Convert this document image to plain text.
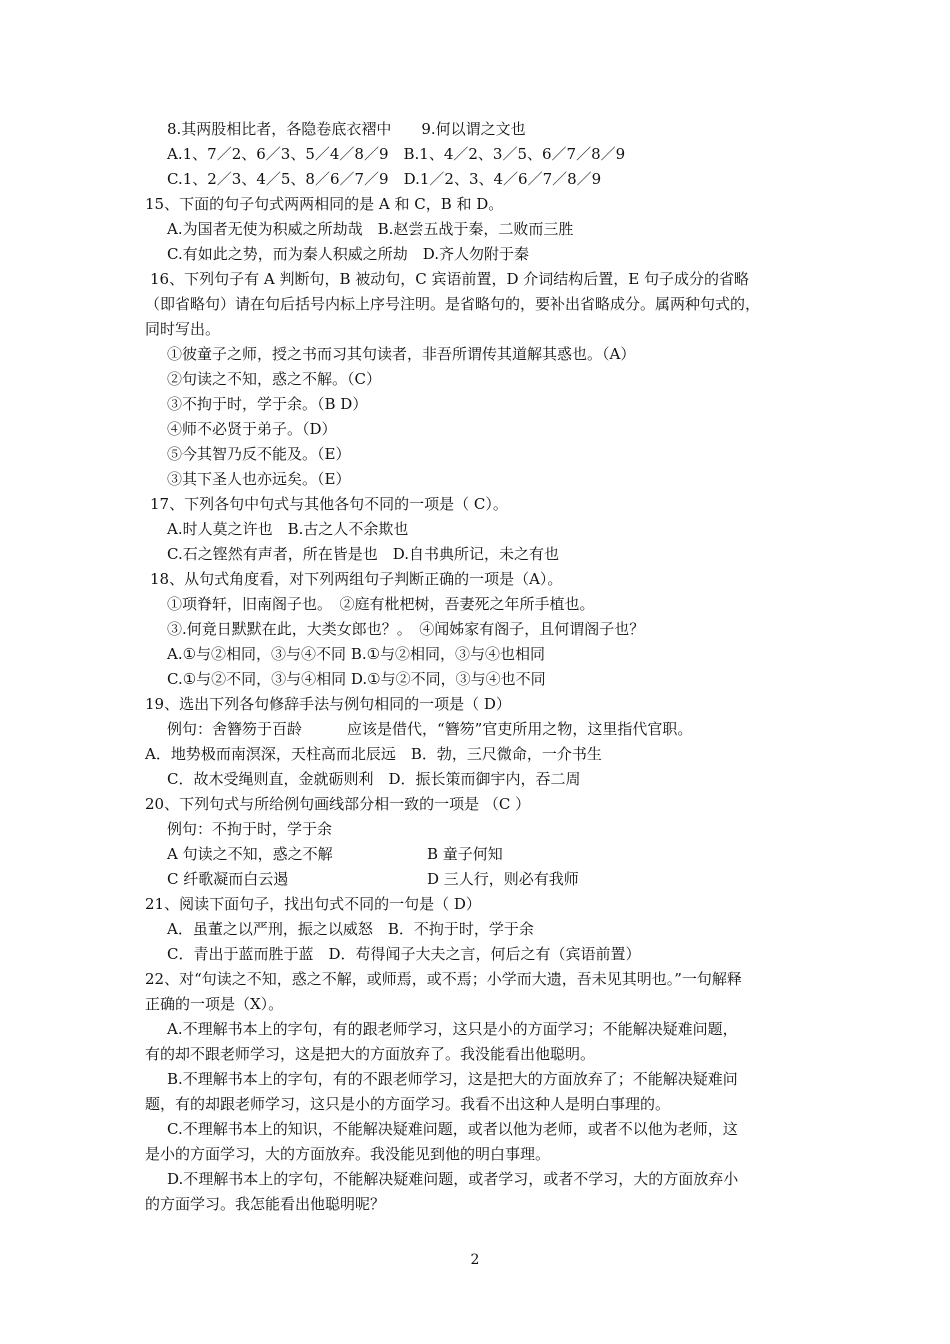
8.其两股相比者，各隐卷底衣褶中　　9.何以谓之文也
A.1、7／2、6／3、5／4／8／9　B.1、4／2、3／5、6／7／8／9
C.1、2／3、4／5、8／6／7／9　D.1／2、3、4／6／7／8／9
15、下面的句子句式两两相同的是 A 和 C，B 和 D。
A.为国者无使为积威之所劫哉　B.赵尝五战于秦，二败而三胜
C.有如此之势，而为秦人积威之所劫　D.齐人勿附于秦
16、下列句子有 A 判断句，B 被动句，C 宾语前置，D 介词结构后置，E 句子成分的省略
（即省略句）请在句后括号内标上序号注明。是省略句的，要补出省略成分。属两种句式的，
同时写出。
①彼童子之师，授之书而习其句读者，非吾所谓传其道解其惑也。（A）
②句读之不知，惑之不解。（C）
③不拘于时，学于余。（B D）
④师不必贤于弟子。（D）
⑤今其智乃反不能及。（E）
③其下圣人也亦远矣。（E）
17、下列各句中句式与其他各句不同的一项是（ C）。
A.时人莫之许也　B.古之人不余欺也
C.石之铿然有声者，所在皆是也　D.自书典所记，未之有也
18、从句式角度看，对下列两组句子判断正确的一项是（A）。
①项脊轩，旧南阁子也。　②庭有枇杷树，吾妻死之年所手植也。
③.何竟日默默在此，大类女郎也？。　④闻姊家有阁子，且何谓阁子也？
A.①与②相同，③与④不同 B.①与②相同，③与④也相同
C.①与②不同，③与④相同 D.①与②不同，③与④也不同
19、选出下列各句修辞手法与例句相同的一项是（ D）
例句：舍簪笏于百龄　　　应该是借代，“簪笏”官吏所用之物，这里指代官职。
A．地势极而南溟深，天柱高而北辰远　B．勃，三尺微命，一介书生
C．故木受绳则直，金就砺则利　D．振长策而御宇内，吞二周
20、下列句式与所给例句画线部分相一致的一项是 （C ）
例句：不拘于时，学于余
A 句读之不知，惑之不解	B 童子何知
C 纤歌凝而白云遏	D 三人行，则必有我师
21、阅读下面句子，找出句式不同的一句是（ D）
A．虽董之以严刑，振之以威怒　B．不拘于时，学于余
C．青出于蓝而胜于蓝　D．苟得闻子大夫之言，何后之有（宾语前置）
22、对“句读之不知，惑之不解，或师焉，或不焉；小学而大遗，吾未见其明也。”一句解释
正确的一项是（X）。
A.不理解书本上的字句，有的跟老师学习，这只是小的方面学习；不能解决疑难问题，
有的却不跟老师学习，这是把大的方面放弃了。我没能看出他聪明。
B.不理解书本上的字句，有的不跟老师学习，这是把大的方面放弃了；不能解决疑难问
题，有的却跟老师学习，这只是小的方面学习。我看不出这种人是明白事理的。
C.不理解书本上的知识，不能解决疑难问题，或者以他为老师，或者不以他为老师，这
是小的方面学习，大的方面放弃。我没能见到他的明白事理。
D.不理解书本上的字句，不能解决疑难问题，或者学习，或者不学习，大的方面放弃小
的方面学习。我怎能看出他聪明呢？
2
